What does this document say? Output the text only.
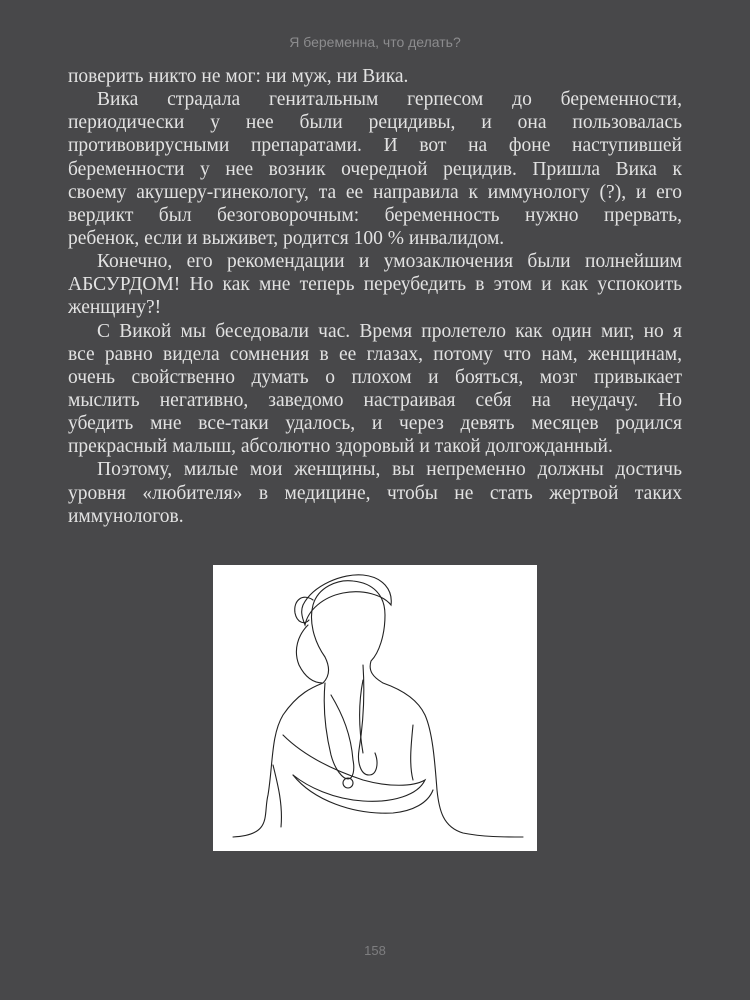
Я беременна, что делать?
поверить никто не мог: ни муж, ни Вика.
Вика страдала генитальным герпесом до беременности,
периодически у нее были рецидивы, и она пользовалась
противовирусными препаратами. И вот на фоне наступившей
беременности у нее возник очередной рецидив. Пришла Вика к
своему акушеру-гинекологу, та ее направила к иммунологу (?), и его
вердикт был безоговорочным: беременность нужно прервать,
ребенок, если и выживет, родится 100 % инвалидом.
Конечно, его рекомендации и умозаключения были полнейшим
АБСУРДОМ! Но как мне теперь переубедить в этом и как успокоить
женщину?!
С Викой мы беседовали час. Время пролетело как один миг, но я
все равно видела сомнения в ее глазах, потому что нам, женщинам,
очень свойственно думать о плохом и бояться, мозг привыкает
мыслить негативно, заведомо настраивая себя на неудачу. Но
убедить мне все-таки удалось, и через девять месяцев родился
прекрасный малыш, абсолютно здоровый и такой долгожданный.
Поэтому, милые мои женщины, вы непременно должны достичь
уровня «любителя» в медицине, чтобы не стать жертвой таких
иммунологов.
158
